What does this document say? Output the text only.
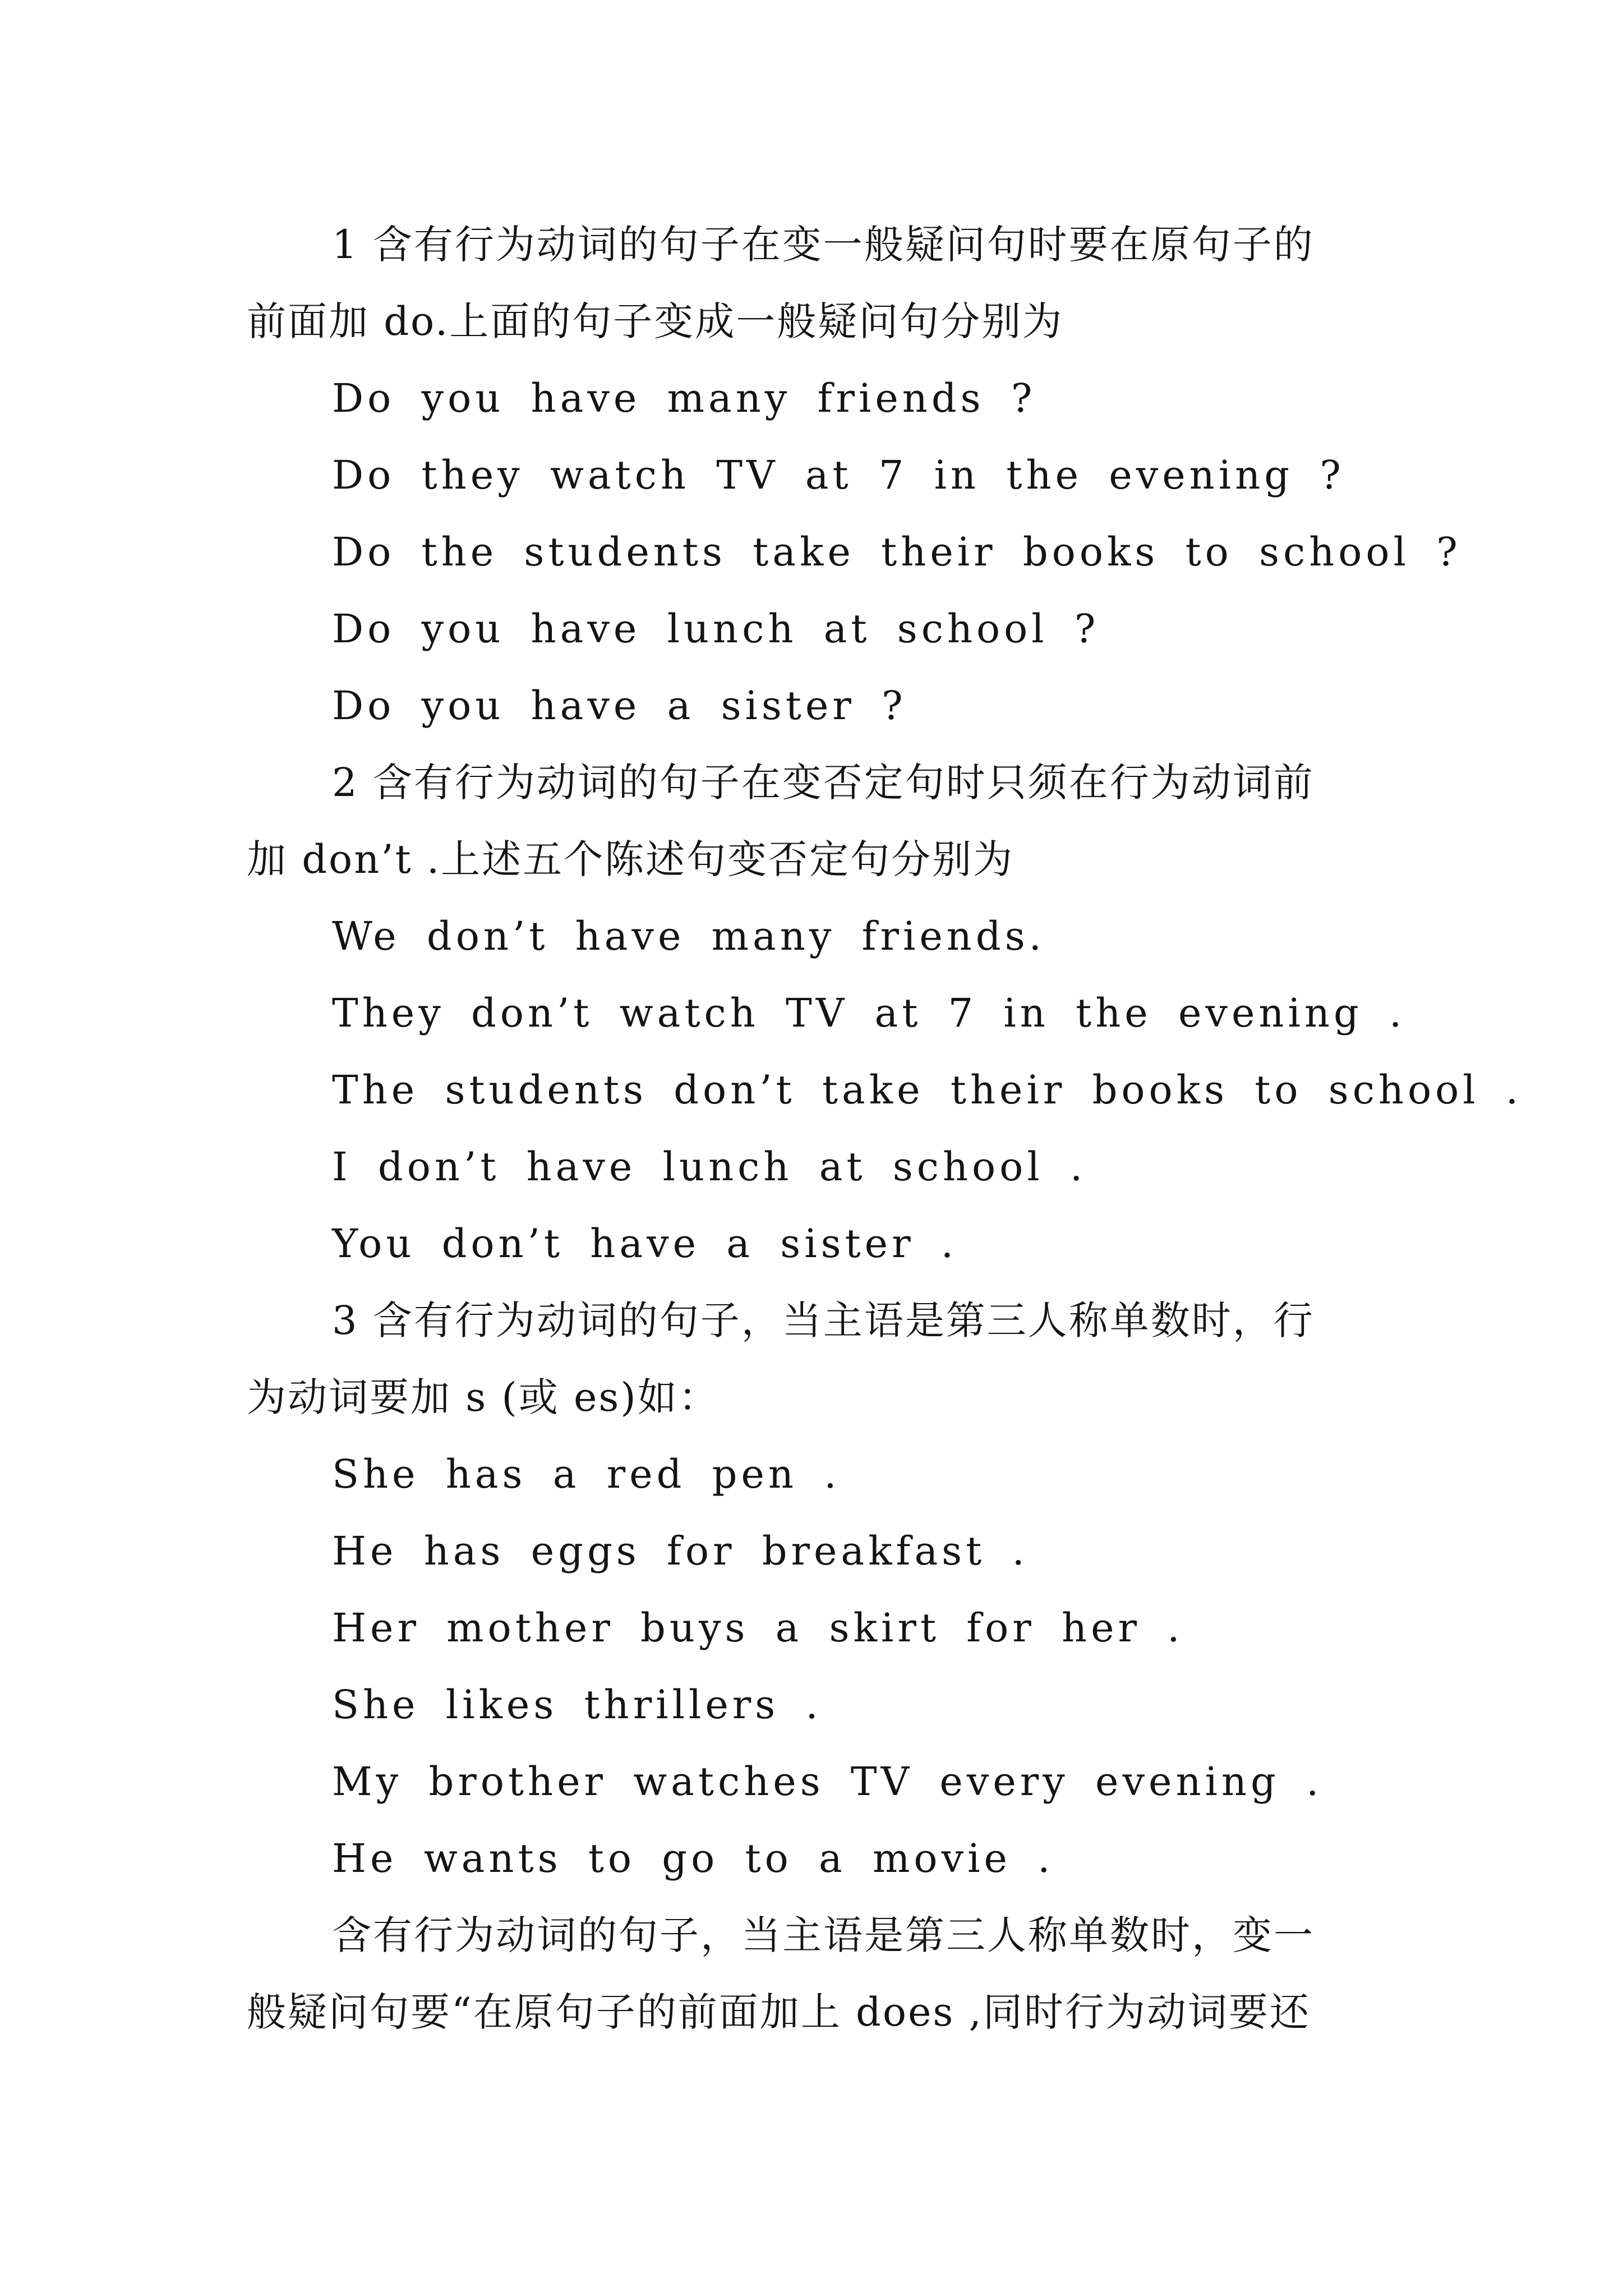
1 含有行为动词的句子在变一般疑问句时要在原句子的
前面加 do.上面的句子变成一般疑问句分别为
Do you have many friends ?
Do they watch TV at 7 in the evening ?
Do the students take their books to school ?
Do you have lunch at school ?
Do you have a sister ?
2 含有行为动词的句子在变否定句时只须在行为动词前
加 don’t .上述五个陈述句变否定句分别为
We don’t have many friends.
They don’t watch TV at 7 in the evening .
The students don’t take their books to school .
I don’t have lunch at school .
You don’t have a sister .
3 含有行为动词的句子，当主语是第三人称单数时，行
为动词要加 s (或 es)如：
She has a red pen .
He has eggs for breakfast .
Her mother buys a skirt for her .
She likes thrillers .
My brother watches TV every evening .
He wants to go to a movie .
含有行为动词的句子，当主语是第三人称单数时，变一
般疑问句要“在原句子的前面加上 does ,同时行为动词要还
